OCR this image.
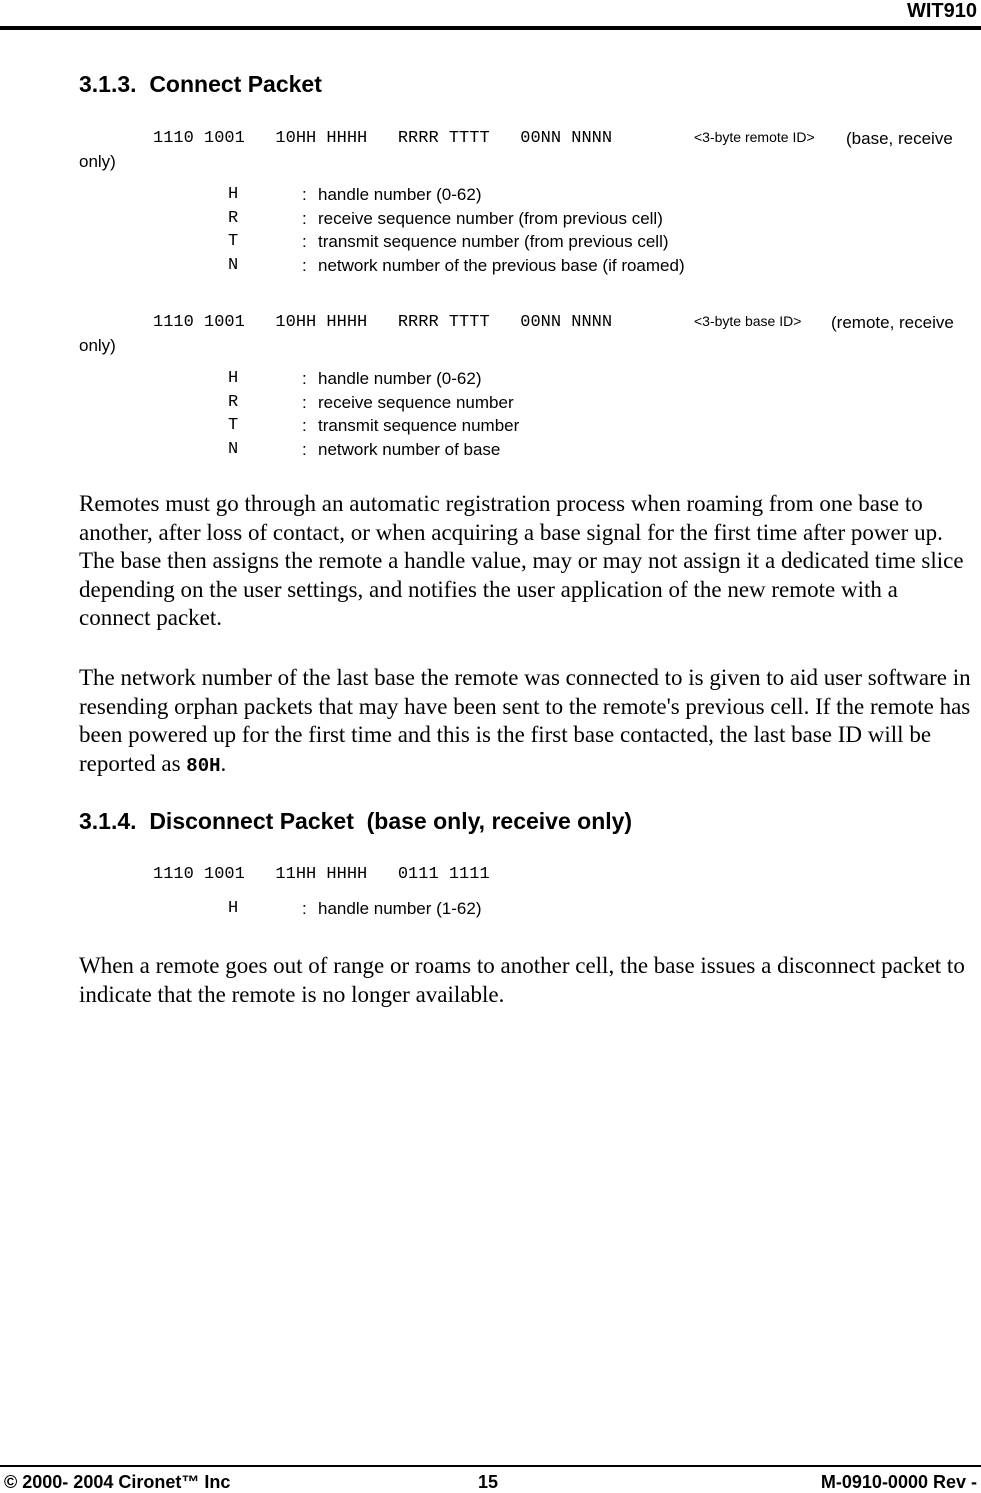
WIT910
3.1.3.  Connect Packet
1110 1001   10HH HHHH   RRRR TTTT   00NN NNNN	<3-byte remote ID> (base, receive
only)
H	: handle number (0-62)
R	: receive sequence number (from previous cell)
T	: transmit sequence number (from previous cell)
N	: network number of the previous base (if roamed)
1110 1001   10HH HHHH   RRRR TTTT   00NN NNNN	<3-byte base ID> (remote, receive
only)
H	: handle number (0-62)
R	: receive sequence number
T	: transmit sequence number
N	: network number of base

Remotes must go through an automatic registration process when roaming from one base to another, after loss of contact, or when acquiring a base signal for the first time after power up. The base then assigns the remote a handle value, may or may not assign it a dedicated time slice depending on the user settings, and notifies the user application of the new remote with a connect packet.

The network number of the last base the remote was connected to is given to aid user software in resending orphan packets that may have been sent to the remote's previous cell. If the remote has been powered up for the first time and this is the first base contacted, the last base ID will be reported as 80H.

3.1.4.  Disconnect Packet  (base only, receive only)
1110 1001   11HH HHHH   0111 1111
H	: handle number (1-62)

When a remote goes out of range or roams to another cell, the base issues a disconnect packet to indicate that the remote is no longer available.

© 2000- 2004 Cironet™ Inc	15	M-0910-0000 Rev -
